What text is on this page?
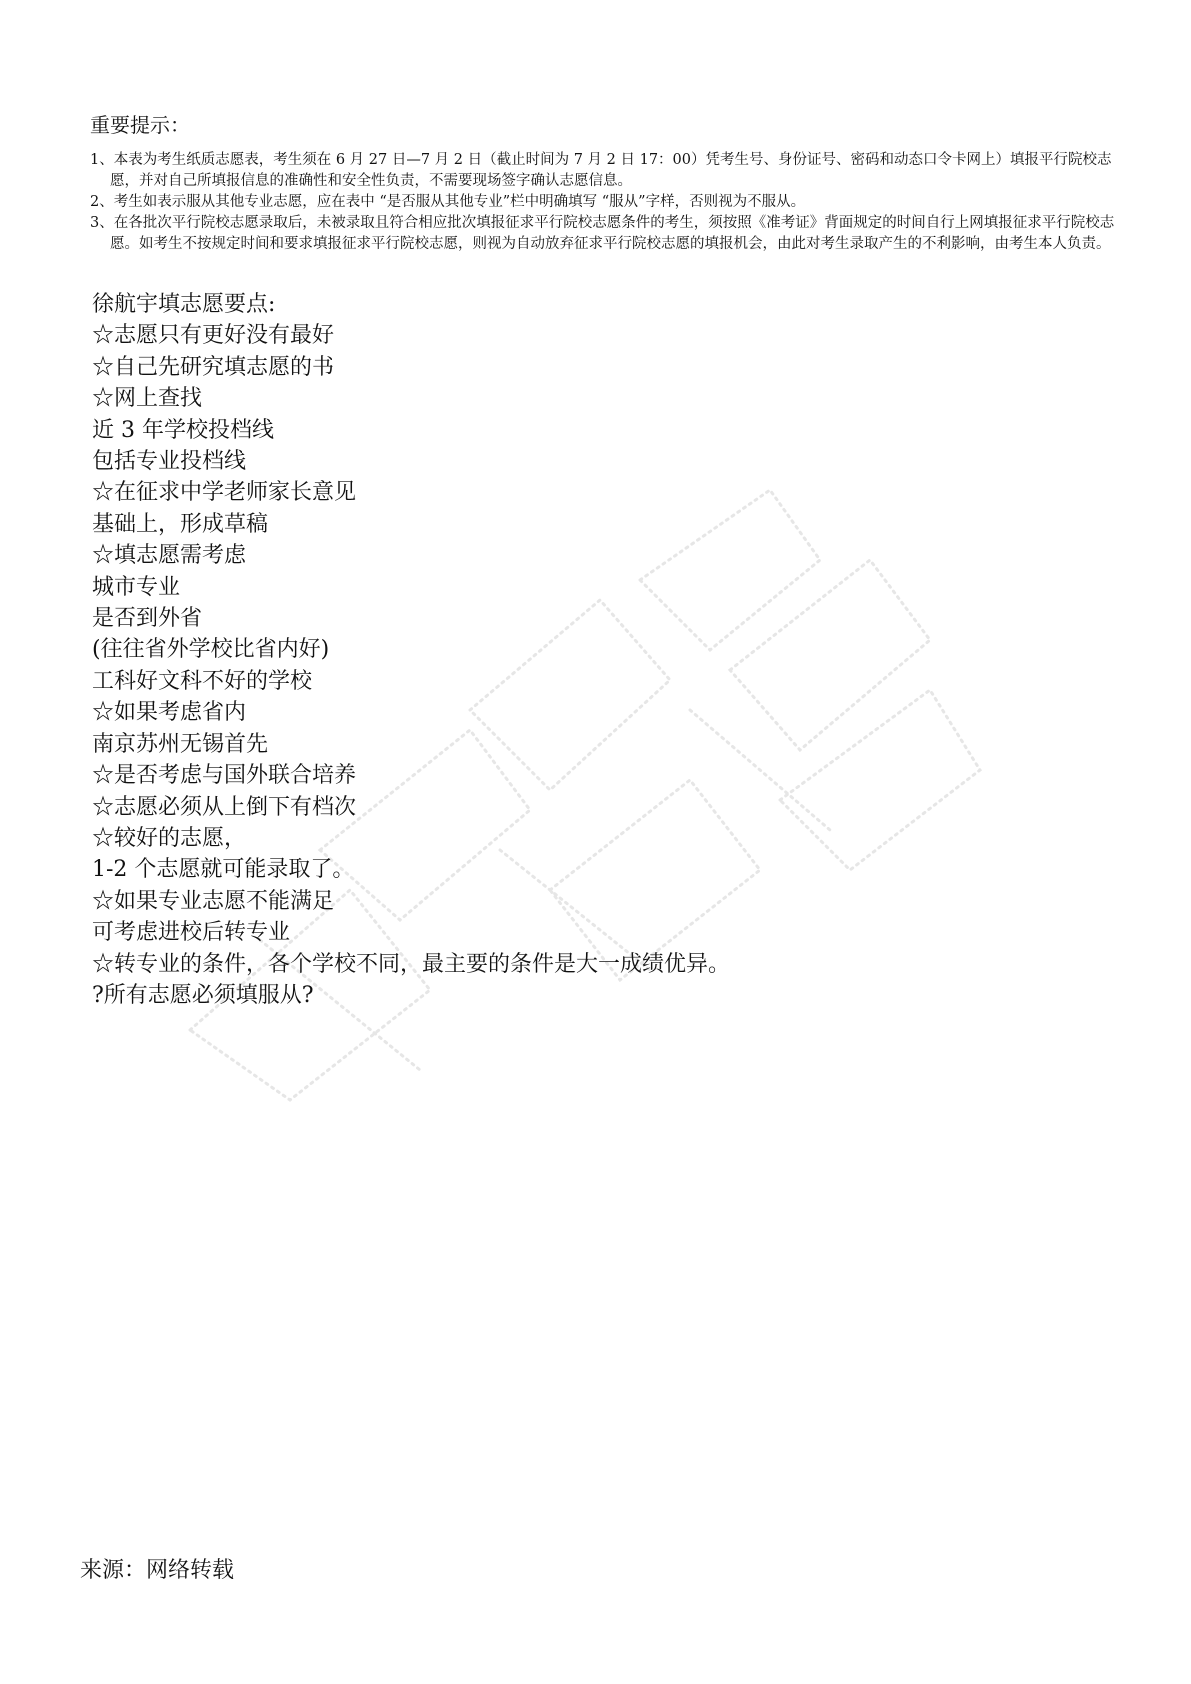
重要提示：
1、本表为考生纸质志愿表，考生须在 6 月 27 日—7 月 2 日（截止时间为 7 月 2 日 17：00）凭考生号、身份证号、密码和动态口令卡网上）填报平行院校志愿，并对自己所填报信息的准确性和安全性负责，不需要现场签字确认志愿信息。
2、考生如表示服从其他专业志愿，应在表中 “是否服从其他专业”栏中明确填写 “服从”字样，否则视为不服从。
3、在各批次平行院校志愿录取后，未被录取且符合相应批次填报征求平行院校志愿条件的考生，须按照《准考证》背面规定的时间自行上网填报征求平行院校志愿。如考生不按规定时间和要求填报征求平行院校志愿，则视为自动放弃征求平行院校志愿的填报机会，由此对考生录取产生的不利影响，由考生本人负责。
徐航宇填志愿要点:
☆志愿只有更好没有最好
☆自己先研究填志愿的书
☆网上查找
近 3 年学校投档线
包括专业投档线
☆在征求中学老师家长意见
基础上，形成草稿
☆填志愿需考虑
城市专业
是否到外省
(往往省外学校比省内好)
工科好文科不好的学校
☆如果考虑省内
南京苏州无锡首先
☆是否考虑与国外联合培养
☆志愿必须从上倒下有档次
☆较好的志愿，
1-2 个志愿就可能录取了。
☆如果专业志愿不能满足
可考虑进校后转专业
☆转专业的条件，各个学校不同，最主要的条件是大一成绩优异。
?所有志愿必须填服从?
来源：网络转载
